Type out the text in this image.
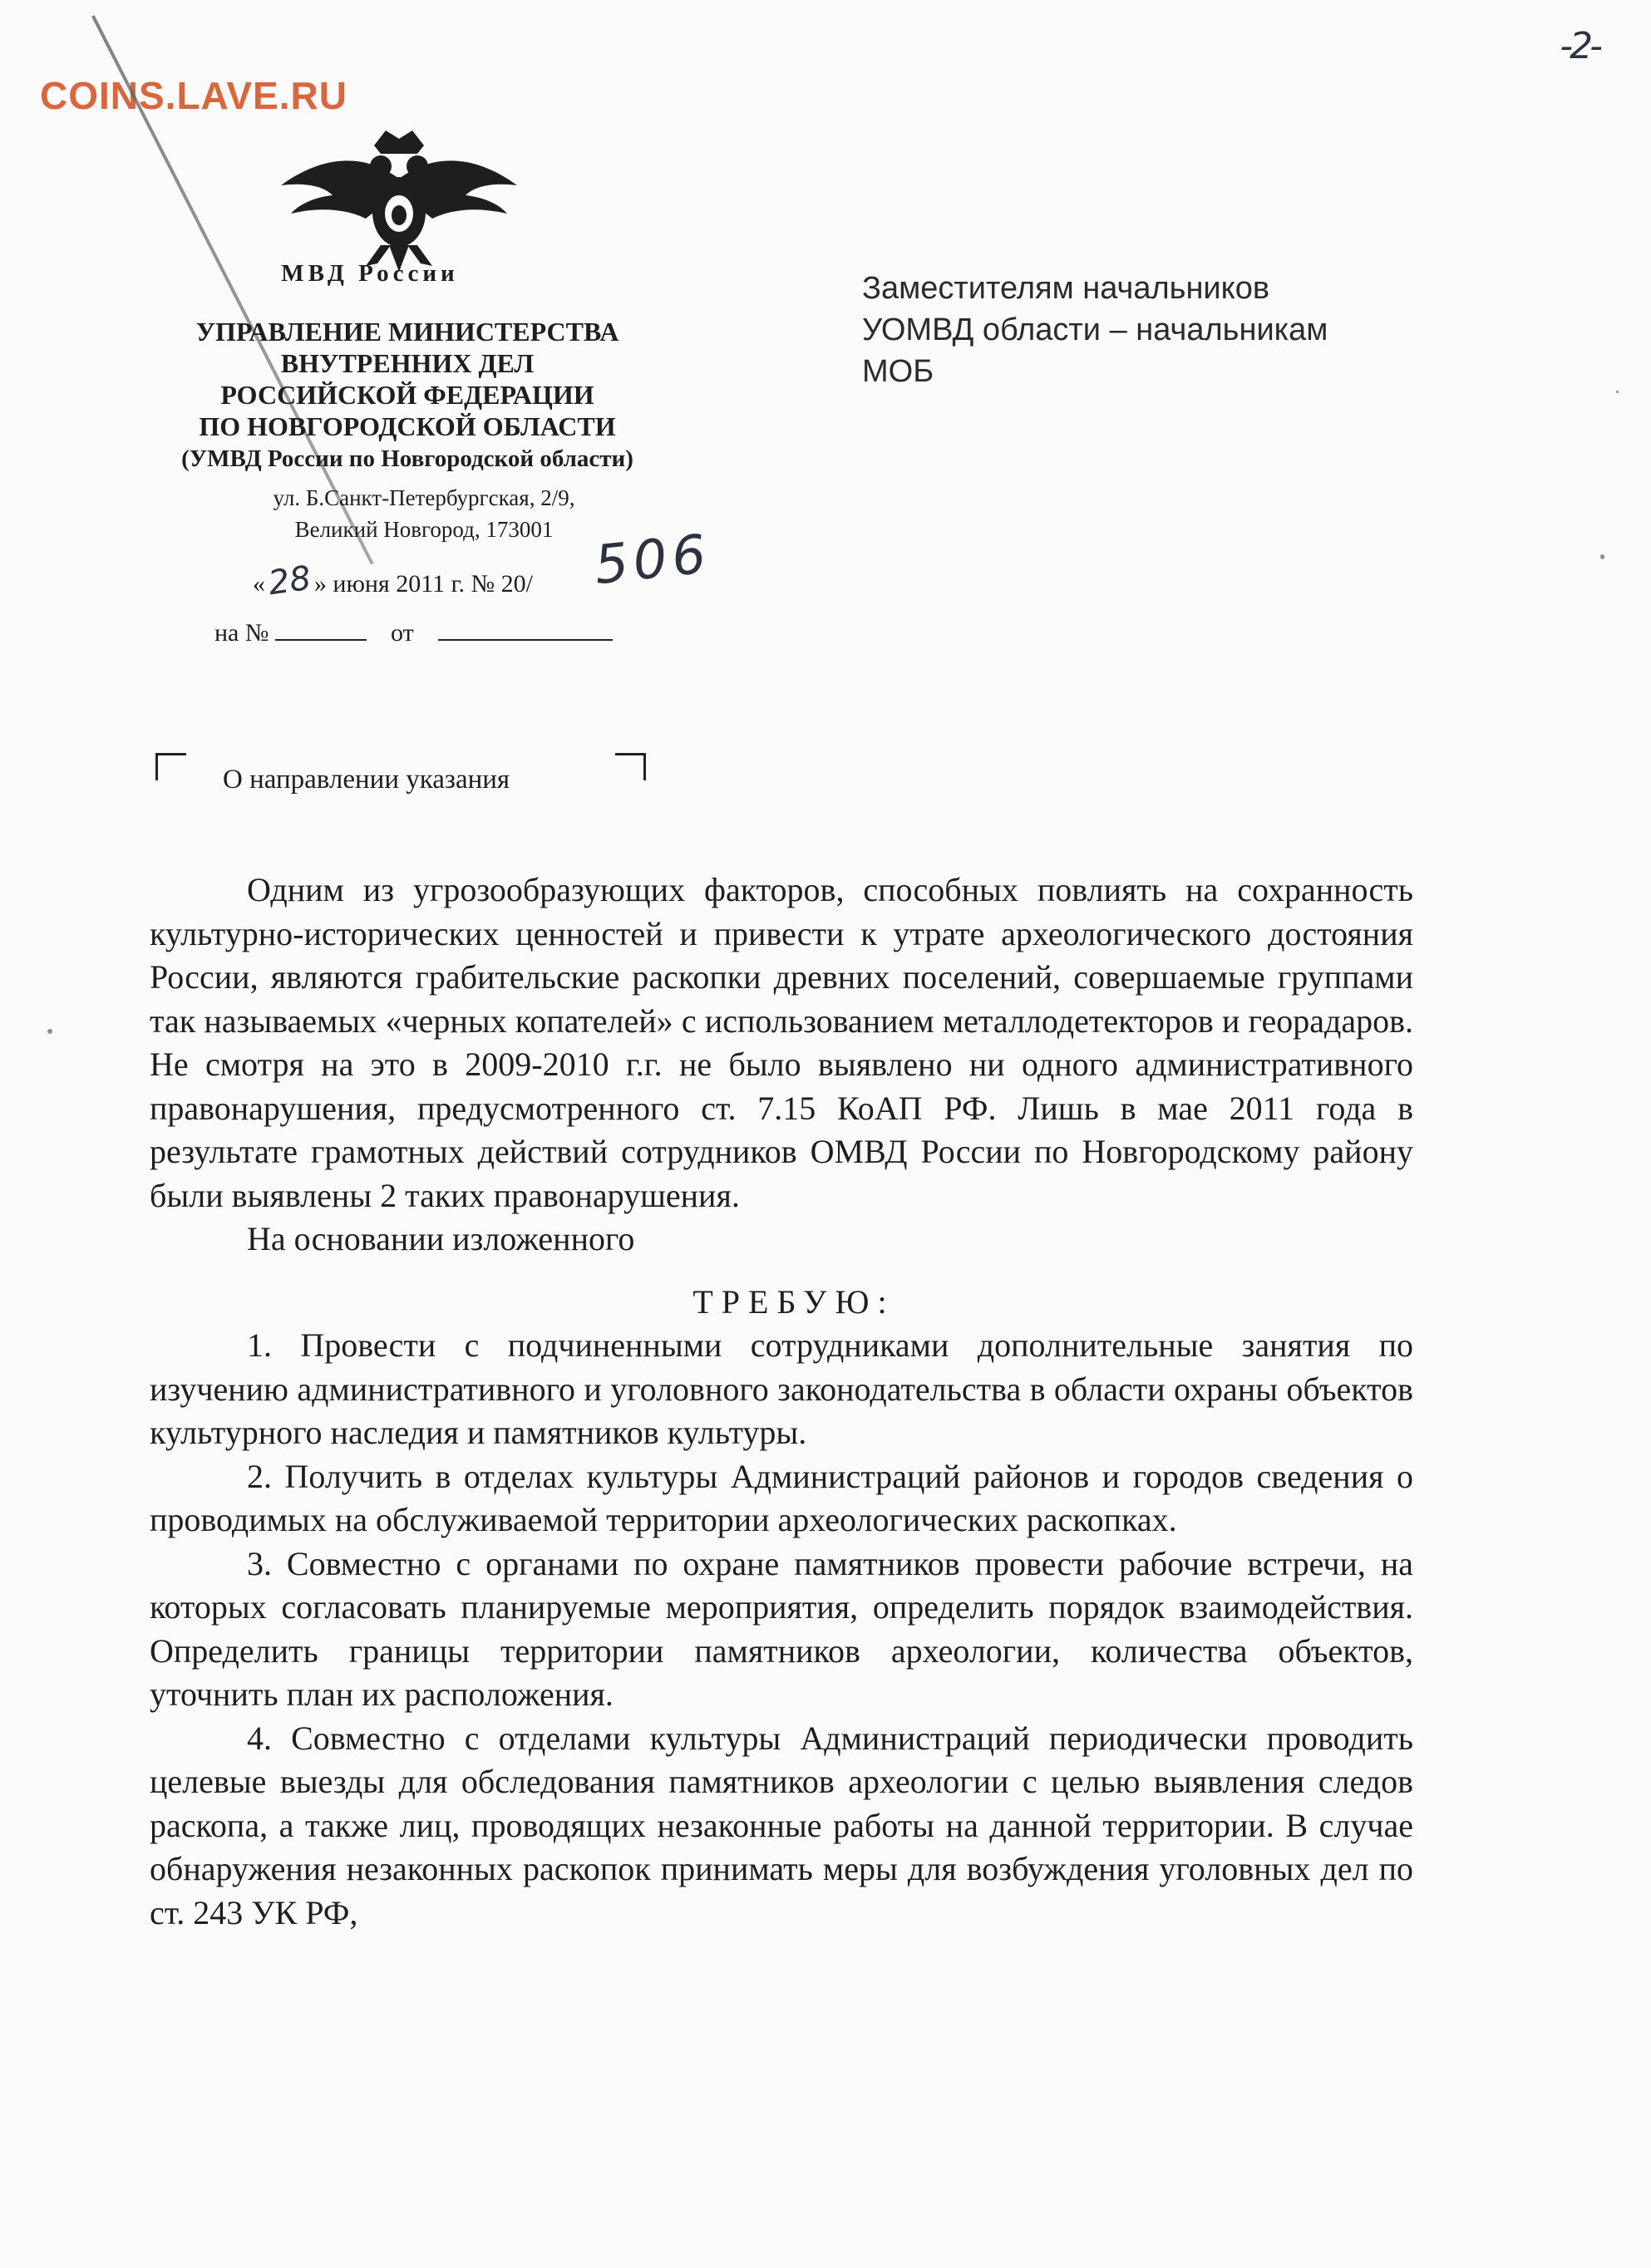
COINS.LAVE.RU
-2-
МВД России
УПРАВЛЕНИЕ МИНИСТЕРСТВА
ВНУТРЕННИХ ДЕЛ
РОССИЙСКОЙ ФЕДЕРАЦИИ
ПО НОВГОРОДСКОЙ ОБЛАСТИ
(УМВД России по Новгородской области)
ул. Б.Санкт-Петербургская, 2/9,
Великий Новгород, 173001
«28» июня 2011 г. № 20/ 506
на №	от
Заместителям начальников
УОМВД области – начальникам
МОБ
О направлении указания

Одним из угрозообразующих факторов, способных повлиять на сохранность культурно-исторических ценностей и привести к утрате археологического достояния России, являются грабительские раскопки древних поселений, совершаемые группами так называемых «черных копателей» с использованием металлодетекторов и георадаров. Не смотря на это в 2009-2010 г.г. не было выявлено ни одного административного правонарушения, предусмотренного ст. 7.15 КоАП РФ. Лишь в мае 2011 года в результате грамотных действий сотрудников ОМВД России по Новгородскому району были выявлены 2 таких правонарушения.

На основании изложенного

ТРЕБУЮ:

1. Провести с подчиненными сотрудниками дополнительные занятия по изучению административного и уголовного законодательства в области охраны объектов культурного наследия и памятников культуры.

2. Получить в отделах культуры Администраций районов и городов сведения о проводимых на обслуживаемой территории археологических раскопках.

3. Совместно с органами по охране памятников провести рабочие встречи, на которых согласовать планируемые мероприятия, определить порядок взаимодействия. Определить границы территории памятников археологии, количества объектов, уточнить план их расположения.

4. Совместно с отделами культуры Администраций периодически проводить целевые выезды для обследования памятников археологии с целью выявления следов раскопа, а также лиц, проводящих незаконные работы на данной территории. В случае обнаружения незаконных раскопок принимать меры для возбуждения уголовных дел по ст. 243 УК РФ,
